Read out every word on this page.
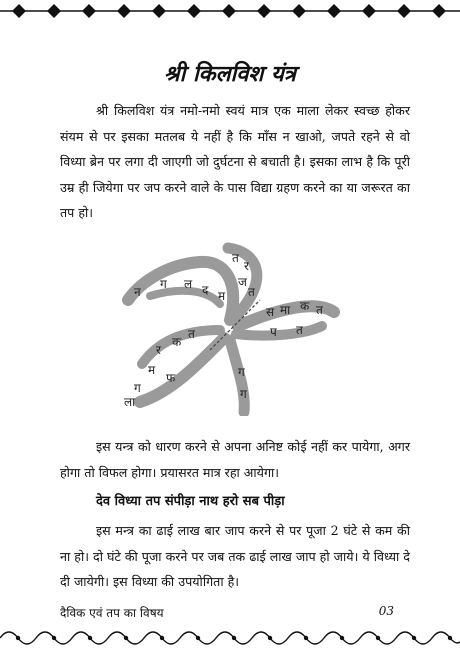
श्री किलविश यंत्र

श्री किलविश यंत्र नमो-नमो स्वयं मात्र एक माला लेकर स्वच्छ होकर संयम से पर इसका मतलब ये नहीं है कि माँस न खाओ, जपते रहने से वो विध्या ब्रेन पर लगा दी जाएगी जो दुर्घटना से बचाती है। इसका लाभ है कि पूरी उम्र ही जियेगा पर जप करने वाले के पास विद्या ग्रहण करने का या जरूरत का तप हो।

न
ग ल द म
त
र
ज
त
स मा क त
प त
ग
ग
त
क
र
म
ग
फ
ला

इस यन्त्र को धारण करने से अपना अनिष्ट कोई नहीं कर पायेगा, अगर होगा तो विफल होगा। प्रयासरत मात्र रहा आयेगा।

देव विध्या तप संपीड़ा नाथ हरो सब पीड़ा

इस मन्त्र का ढाई लाख बार जाप करने से पर पूजा 2 घंटे से कम की ना हो। दो घंटे की पूजा करने पर जब तक ढाई लाख जाप हो जाये। ये विध्या दे दी जायेगी। इस विध्या की उपयोगिता है।

दैविक एवं तप का विषय	03
